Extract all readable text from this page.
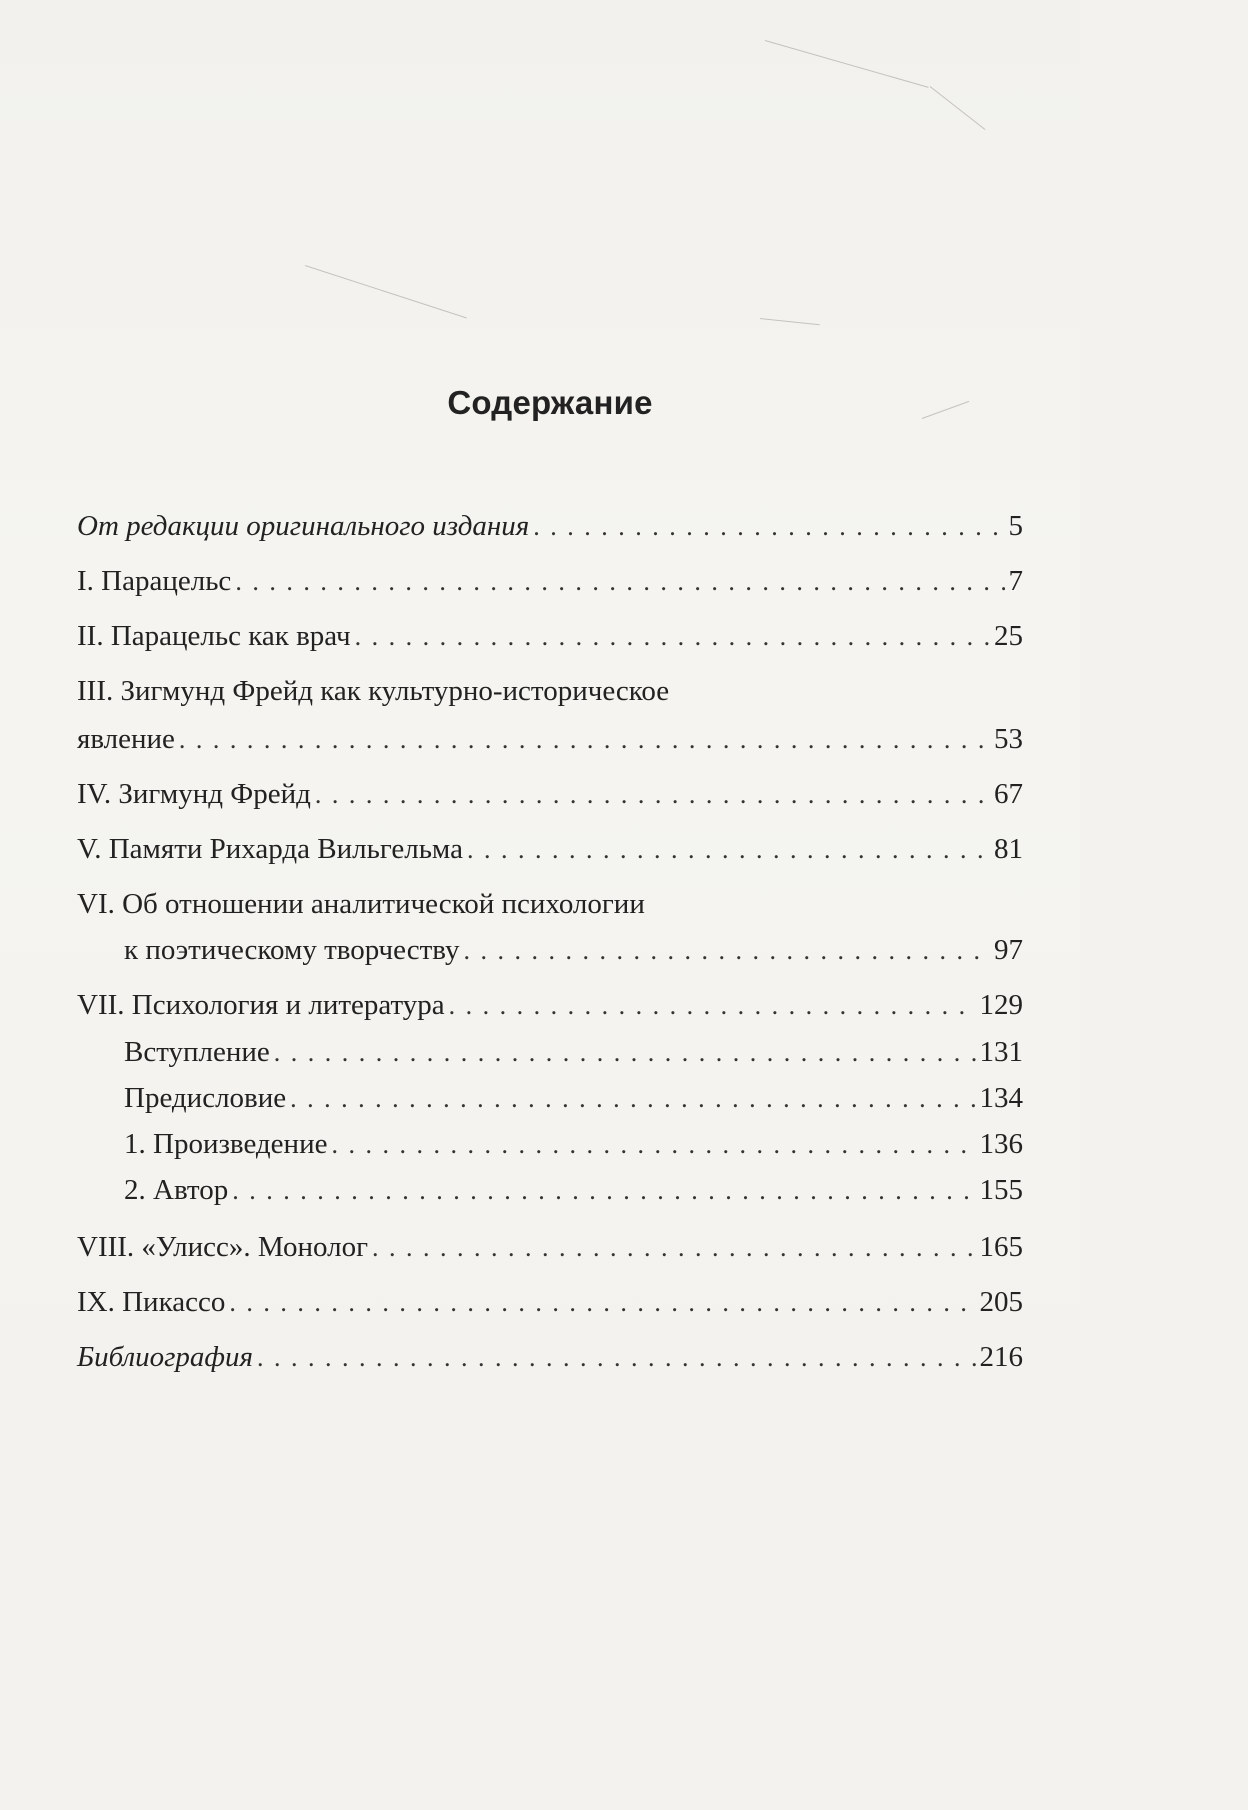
Содержание
От редакции оригинального издания . . .	5
I. Парацельс . . .	7
II. Парацельс как врач . . .	25
III. Зигмунд Фрейд как культурно-историческое
явление . . .	53
IV. Зигмунд Фрейд . . .	67
V. Памяти Рихарда Вильгельма . . .	81
VI. Об отношении аналитической психологии
к поэтическому творчеству . . .	97
VII. Психология и литература . . .	129
Вступление . . .	131
Предисловие . . .	134
1. Произведение . . .	136
2. Автор . . .	155
VIII. «Улисс». Монолог . . .	165
IX. Пикассо . . .	205
Библиография . . .	216
